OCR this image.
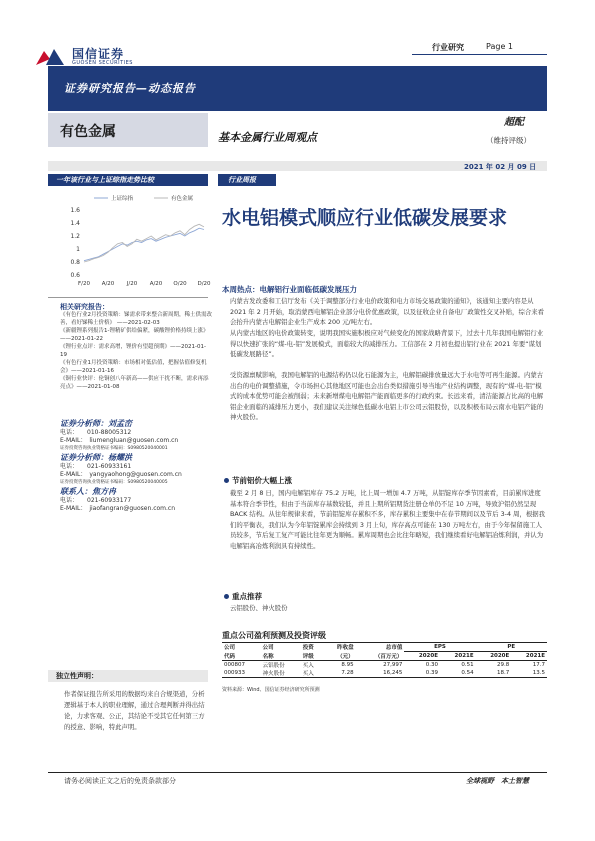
国信证券
GUOSEN SECURITIES
行业研究	Page 1
证券研究报告—动态报告
有色金属	基本金属行业周观点
超配
（维持评级）
2021 年 02 月 09 日
一年该行业与上证综指走势比较
1.6
1.4
1.2
1
0.8
0.6
F/20 A/20 J/20 A/20 O/20 D/20
上证综指	有色金属
相关研究报告：
《有色行业2月投资策略：锑需求带来整合新周期，稀土供需改善，看好锑稀土价格》 ——2021-02-03
《新疆锂系列报告1-锂精矿供给偏紧，碳酸锂价格持续上涨》——2021-01-22
《锂行业点评：需求高增，锂价有望超预期》——2021-01-19
《有色行业1月投资策略：市场相对低估值，把握估值修复机会》——2021-01-16
《铜行业快评：伦铜创八年新高——供应干扰不断，需求再添亮点》——2021-01-08
证券分析师：刘孟峦
电话：　　010-88005312
E-MAIL：　liumengluan@guosen.com.cn
证券投资咨询执业资格证书编码：S0980520040001
证券分析师：杨耀洪
电话：　　021-60933161
E-MAIL：　yangyaohong@guosen.com.cn
证券投资咨询执业资格证书编码：S0980520040005
联系人：焦方冉
电话：　　021-60933177
E-MAIL：　jiaofangran@guosen.com.cn
独立性声明：
作者保证报告所采用的数据均来自合规渠道，分析逻辑基于本人的职业理解，通过合理判断并得出结论，力求客观、公正，其结论不受其它任何第三方的授意、影响，特此声明。
行业周报
水电铝模式顺应行业低碳发展要求
本周热点：电解铝行业面临低碳发展压力
内蒙古发改委和工信厅发布《关于调整部分行业电价政策和电力市场交易政策的通知》，该通知主要内容是从 2021 年 2 月开始，取消蒙西电解铝企业部分电价优惠政策，以及征收企业自备电厂政策性交叉补贴，综合来看会抬升内蒙古电解铝企业生产成本 200 元/吨左右。
从内蒙古地区的电价政策转变，说明我国实施积极应对气候变化的国家战略背景下，过去十几年我国电解铝行业得以快速扩张的“煤-电-铝”发展模式，面临较大的减排压力。工信部在 2 月初也提出铝行业在 2021 年要“谋划低碳发展路径”。
受资源禀赋影响，我国电解铝的电源结构仍以化石能源为主，电解铝碳排放量远大于水电等可再生能源。内蒙古出台的电价调整措施，令市场担心其他地区可能也会出台类似措施引导当地产业结构调整，现有的“煤-电-铝”模式的成本优势可能会被削弱；未来新增煤电电解铝产能面临更多的行政约束。长远来看，清洁能源占比高的电解铝企业面临的减排压力更小，我们建议关注绿色低碳水电铝上市公司云铝股份，以及积极布局云南水电铝产能的神火股份。
节前铝价大幅上涨
截至 2 月 8 日，国内电解铝库存 75.2 万吨，比上周一增加 4.7 万吨，从铝锭库存季节因素看，目前累库进度基本符合季节性，但由于当前库存基数较低，并且上期所铝期货注册仓单仍不足 10 万吨，导致沪铝仍然呈现 BACK 结构。从往年规律来看，节前铝锭库存累积不多，库存累积主要集中在春节期间以及节后 3-4 周，根据我们的平衡表，我们认为今年铝锭累库会持续到 3 月上旬，库存高点可能在 130 万吨左右，由于今年保留施工人员较多，节后复工复产可能比往年更为顺畅。累库周期也会比往年略短，我们继续看好电解铝冶炼利润，并认为电解铝高冶炼利润具有持续性。
重点推荐
云铝股份、神火股份
重点公司盈利预测及投资评级
公司	公司	投资	昨收盘	总市值	EPS		PE	
代码	名称	评级	（元）	（百万元）	2020E	2021E	2020E	2021E
000807	云铝股份	买入	8.95	27,997	0.30	0.51	29.8	17.7
000933	神火股份	买入	7.28	16,245	0.39	0.54	18.7	13.5
资料来源：Wind、国信证券经济研究所预测
请务必阅读正文之后的免责条款部分	全球视野　本土智慧
